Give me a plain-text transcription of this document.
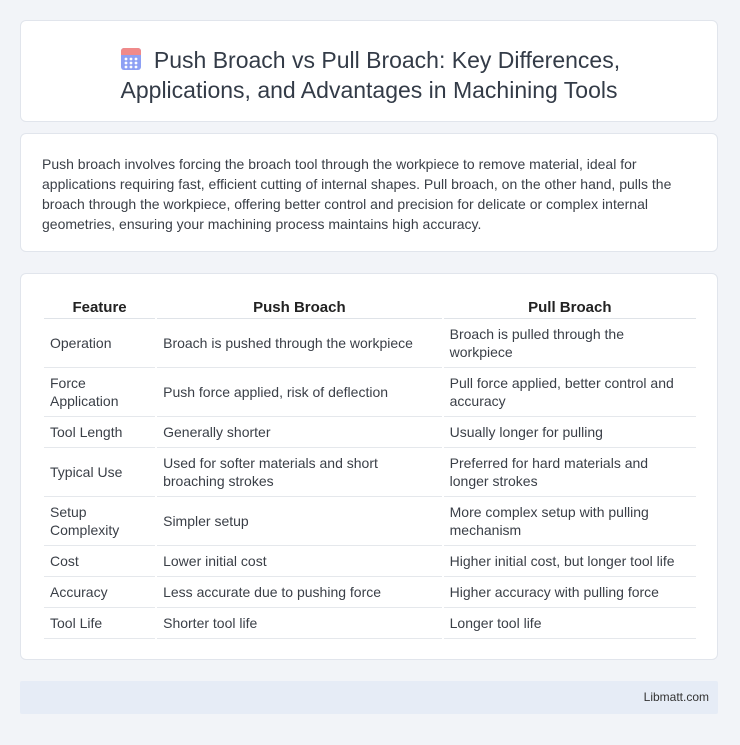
Push Broach vs Pull Broach: Key Differences,
Applications, and Advantages in Machining Tools

Push broach involves forcing the broach tool through the workpiece to remove material, ideal for applications requiring fast, efficient cutting of internal shapes. Pull broach, on the other hand, pulls the broach through the workpiece, offering better control and precision for delicate or complex internal geometries, ensuring your machining process maintains high accuracy.

Feature	Push Broach	Pull Broach
Operation	Broach is pushed through the workpiece	Broach is pulled through the workpiece
Force Application	Push force applied, risk of deflection	Pull force applied, better control and accuracy
Tool Length	Generally shorter	Usually longer for pulling
Typical Use	Used for softer materials and short broaching strokes	Preferred for hard materials and longer strokes
Setup Complexity	Simpler setup	More complex setup with pulling mechanism
Cost	Lower initial cost	Higher initial cost, but longer tool life
Accuracy	Less accurate due to pushing force	Higher accuracy with pulling force
Tool Life	Shorter tool life	Longer tool life
Libmatt.com
